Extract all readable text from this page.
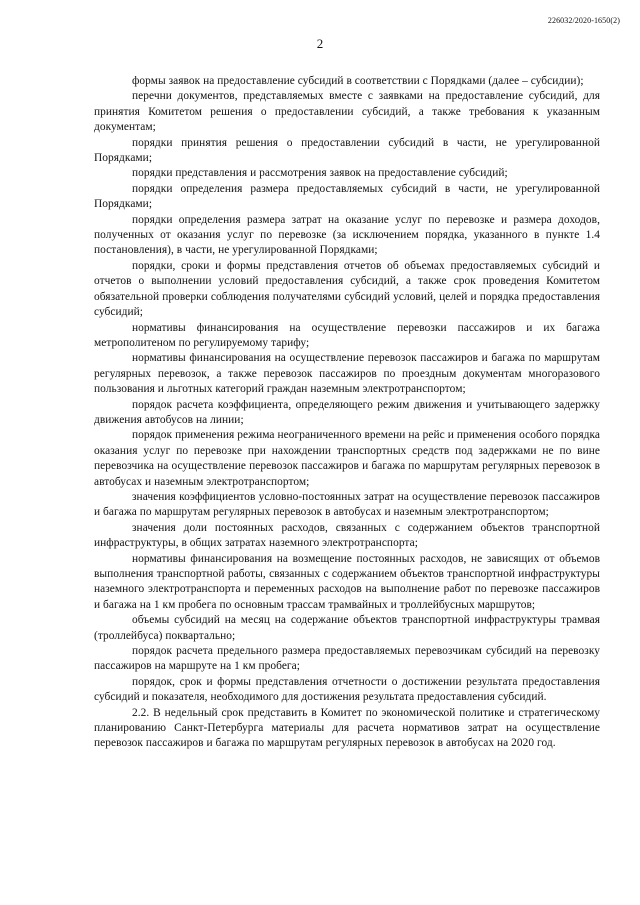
226032/2020-1650(2)
2

формы заявок на предоставление субсидий в соответствии с Порядками (далее – субсидии);

перечни документов, представляемых вместе с заявками на предоставление субсидий, для принятия Комитетом решения о предоставлении субсидий, а также требования к указанным документам;

порядки принятия решения о предоставлении субсидий в части, не урегулированной Порядками;

порядки представления и рассмотрения заявок на предоставление субсидий;

порядки определения размера предоставляемых субсидий в части, не урегулированной Порядками;

порядки определения размера затрат на оказание услуг по перевозке и размера доходов, полученных от оказания услуг по перевозке (за исключением порядка, указанного в пункте 1.4 постановления), в части, не урегулированной Порядками;

порядки, сроки и формы представления отчетов об объемах предоставляемых субсидий и отчетов о выполнении условий предоставления субсидий, а также срок проведения Комитетом обязательной проверки соблюдения получателями субсидий условий, целей и порядка предоставления субсидий;

нормативы финансирования на осуществление перевозки пассажиров и их багажа метрополитеном по регулируемому тарифу;

нормативы финансирования на осуществление перевозок пассажиров и багажа по маршрутам регулярных перевозок, а также перевозок пассажиров по проездным документам многоразового пользования и льготных категорий граждан наземным электротранспортом;

порядок расчета коэффициента, определяющего режим движения и учитывающего задержку движения автобусов на линии;

порядок применения режима неограниченного времени на рейс и применения особого порядка оказания услуг по перевозке при нахождении транспортных средств под задержками не по вине перевозчика на осуществление перевозок пассажиров и багажа по маршрутам регулярных перевозок в автобусах и наземным электротранспортом;

значения коэффициентов условно-постоянных затрат на осуществление перевозок пассажиров и багажа по маршрутам регулярных перевозок в автобусах и наземным электротранспортом;

значения доли постоянных расходов, связанных с содержанием объектов транспортной инфраструктуры, в общих затратах наземного электротранспорта;

нормативы финансирования на возмещение постоянных расходов, не зависящих от объемов выполнения транспортной работы, связанных с содержанием объектов транспортной инфраструктуры наземного электротранспорта и переменных расходов на выполнение работ по перевозке пассажиров и багажа на 1 км пробега по основным трассам трамвайных и троллейбусных маршрутов;

объемы субсидий на месяц на содержание объектов транспортной инфраструктуры трамвая (троллейбуса) поквартально;

порядок расчета предельного размера предоставляемых перевозчикам субсидий на перевозку пассажиров на маршруте на 1 км пробега;

порядок, срок и формы представления отчетности о достижении результата предоставления субсидий и показателя, необходимого для достижения результата предоставления субсидий.

2.2. В недельный срок представить в Комитет по экономической политике и стратегическому планированию Санкт-Петербурга материалы для расчета нормативов затрат на осуществление перевозок пассажиров и багажа по маршрутам регулярных перевозок в автобусах на 2020 год.
